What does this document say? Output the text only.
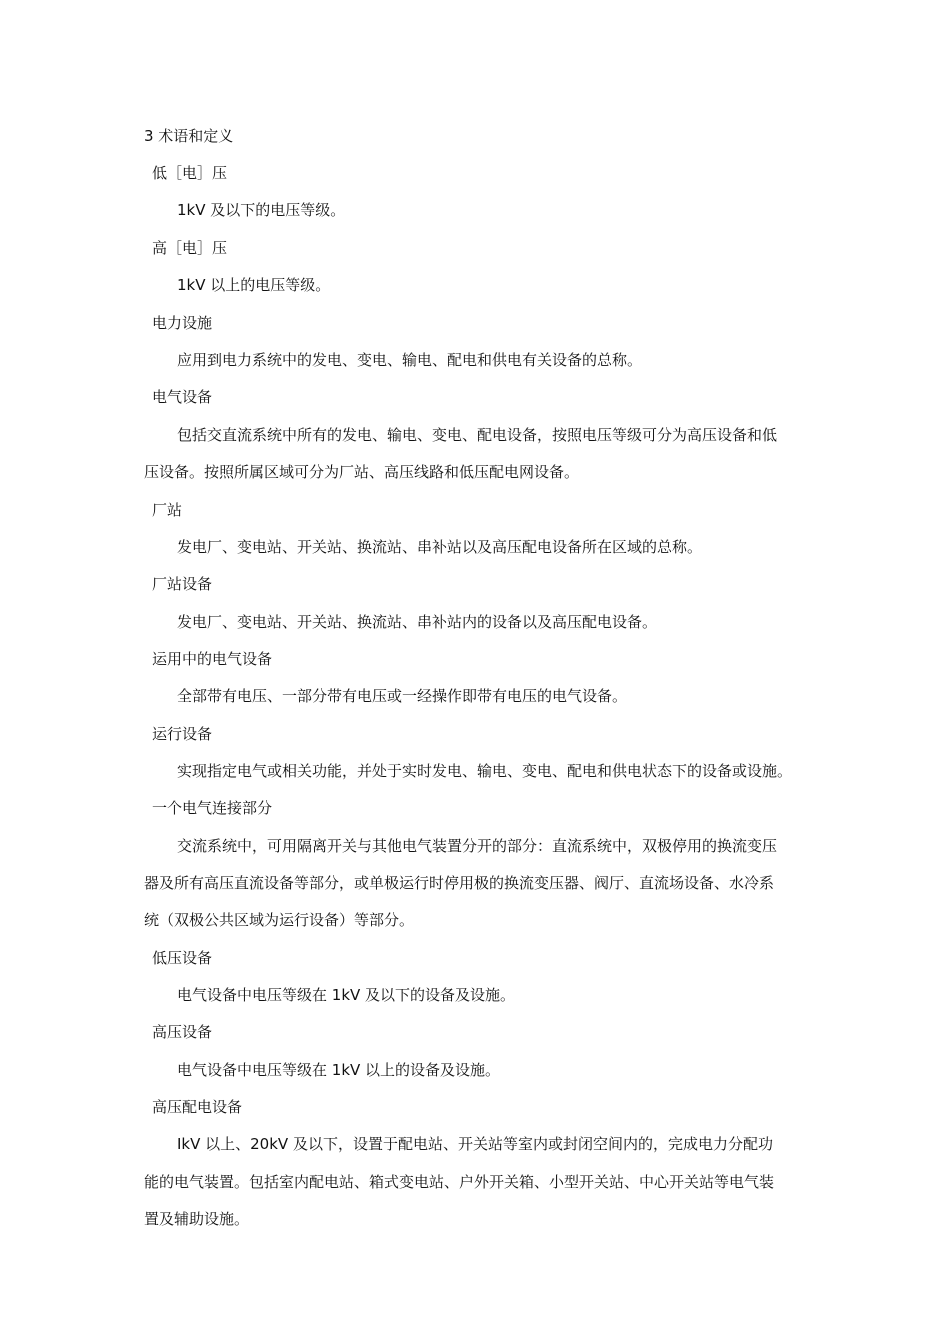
3 术语和定义
低［电］压
1kV 及以下的电压等级。
高［电］压
1kV 以上的电压等级。
电力设施
应用到电力系统中的发电、变电、输电、配电和供电有关设备的总称。
电气设备
包括交直流系统中所有的发电、输电、变电、配电设备，按照电压等级可分为高压设备和低
压设备。按照所属区域可分为厂站、高压线路和低压配电网设备。
厂站
发电厂、变电站、开关站、换流站、串补站以及高压配电设备所在区域的总称。
厂站设备
发电厂、变电站、开关站、换流站、串补站内的设备以及高压配电设备。
运用中的电气设备
全部带有电压、一部分带有电压或一经操作即带有电压的电气设备。
运行设备
实现指定电气或相关功能，并处于实时发电、输电、变电、配电和供电状态下的设备或设施。
一个电气连接部分
交流系统中，可用隔离开关与其他电气装置分开的部分：直流系统中，双极停用的换流变压
器及所有高压直流设备等部分，或单极运行时停用极的换流变压器、阀厅、直流场设备、水冷系
统（双极公共区域为运行设备）等部分。
低压设备
电气设备中电压等级在 1kV 及以下的设备及设施。
高压设备
电气设备中电压等级在 1kV 以上的设备及设施。
高压配电设备
IkV 以上、20kV 及以下，设置于配电站、开关站等室内或封闭空间内的，完成电力分配功
能的电气装置。包括室内配电站、箱式变电站、户外开关箱、小型开关站、中心开关站等电气装
置及辅助设施。
